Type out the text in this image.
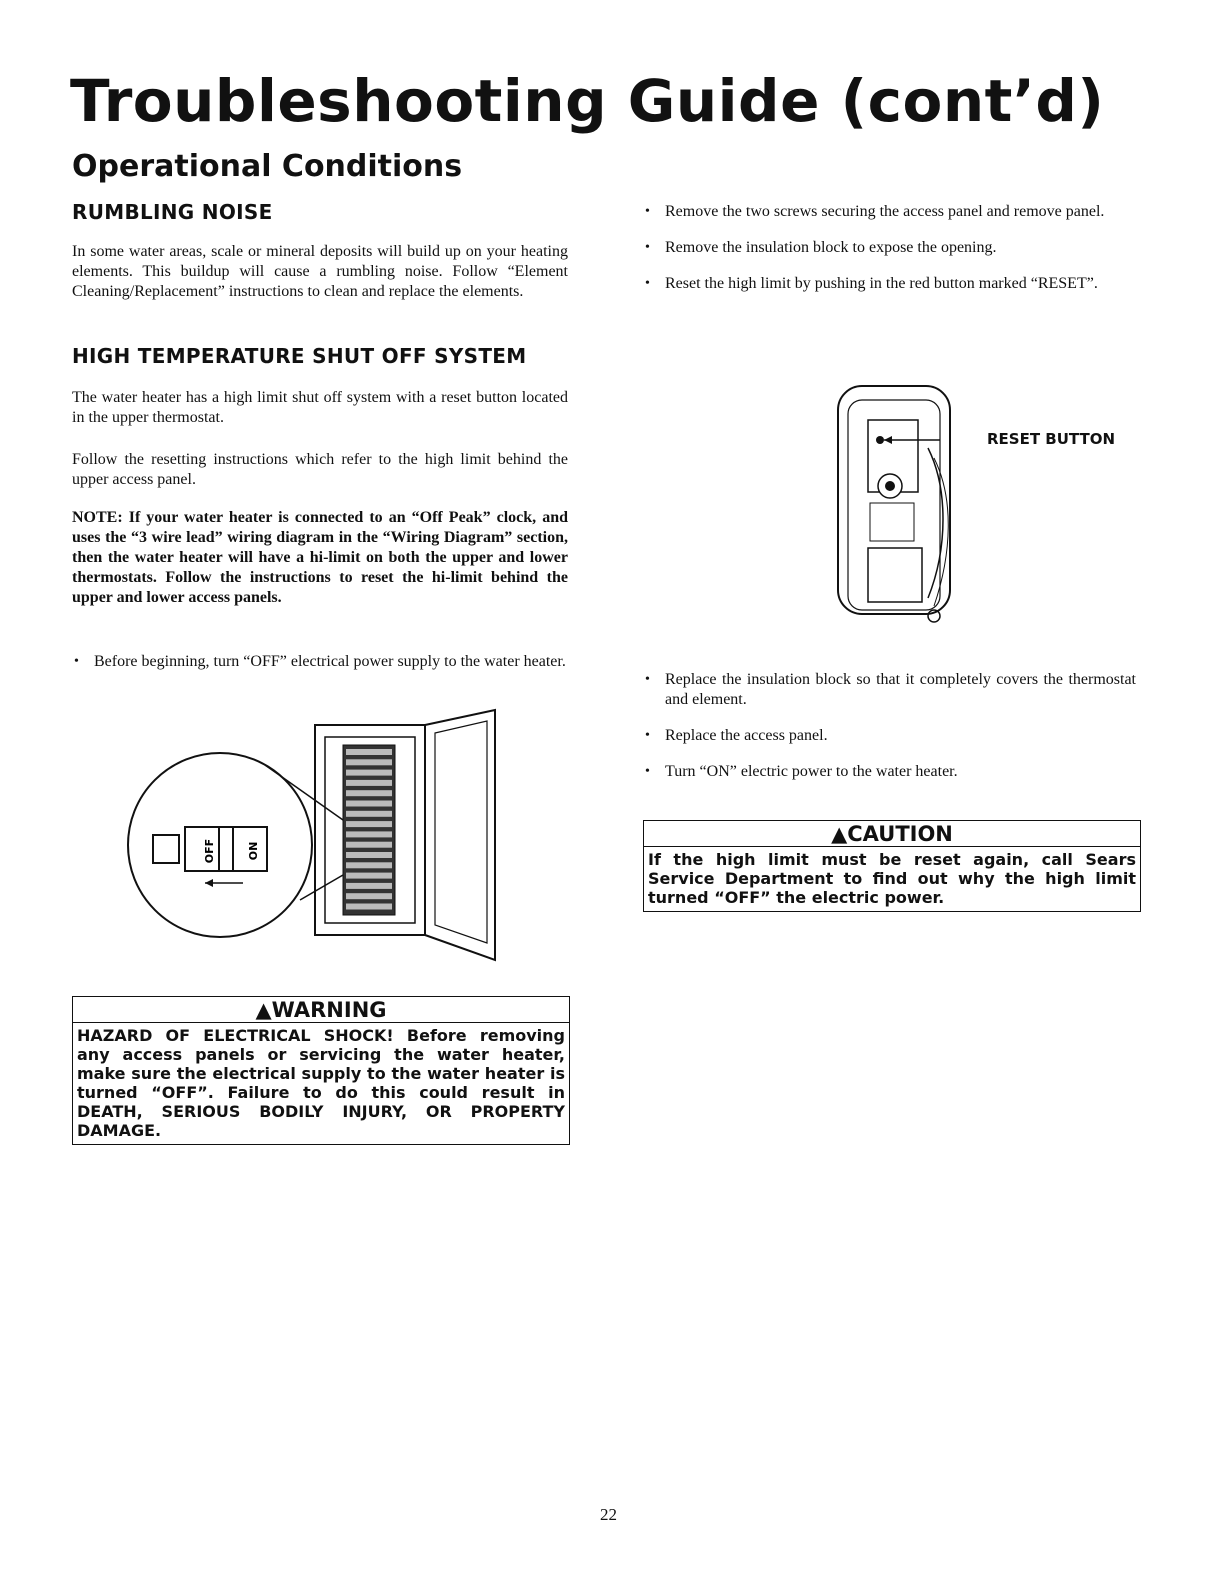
Troubleshooting Guide (cont’d)
Operational Conditions
RUMBLING NOISE

In some water areas, scale or mineral deposits will build up on your heating elements. This buildup will cause a rumbling noise. Follow “Element Cleaning/Replacement” instructions to clean and replace the elements.

HIGH TEMPERATURE SHUT OFF SYSTEM

The water heater has a high limit shut off system with a reset button located in the upper thermostat.

Follow the resetting instructions which refer to the high limit behind the upper access panel.

NOTE: If your water heater is connected to an “Off Peak” clock, and uses the “3 wire lead” wiring diagram in the “Wiring Diagram” section, then the water heater will have a hi-limit on both the upper and lower thermostats. Follow the instructions to reset the hi-limit behind the upper and lower access panels.

• Before beginning, turn “OFF” electrical power supply to the water heater.
OFF	ON
▲WARNING
HAZARD OF ELECTRICAL SHOCK! Before removing any access panels or servicing the water heater, make sure the electrical supply to the water heater is turned “OFF”. Failure to do this could result in DEATH, SERIOUS BODILY INJURY, OR PROPERTY DAMAGE.
• Remove the two screws securing the access panel and remove panel.
• Remove the insulation block to expose the opening.
• Reset the high limit by pushing in the red button marked “RESET”.
RESET BUTTON
• Replace the insulation block so that it completely covers the thermostat and element.
• Replace the access panel.
• Turn “ON” electric power to the water heater.
▲CAUTION
If the high limit must be reset again, call Sears Service Department to find out why the high limit turned “OFF” the electric power.
22
